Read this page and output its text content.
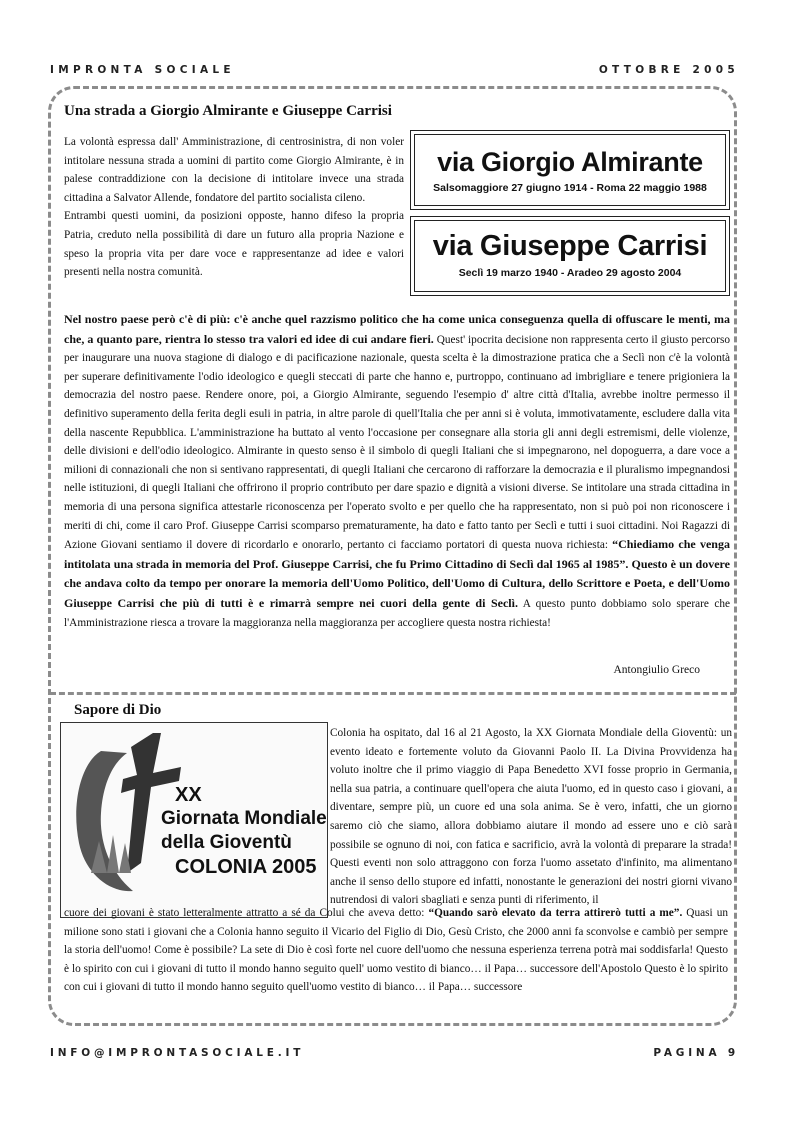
IMPRONTA SOCIALE	OTTOBRE 2005
Una strada a Giorgio Almirante e Giuseppe Carrisi

La volontà espressa dall' Amministrazione, di centrosinistra, di non voler intitolare nessuna strada a uomini di partito come Giorgio Almirante, è in palese contraddizione con la decisione di intitolare invece una strada cittadina a Salvator Allende, fondatore del partito socialista cileno.
Entrambi questi uomini, da posizioni opposte, hanno difeso la propria Patria, creduto nella possibilità di dare un futuro alla propria Nazione e speso la propria vita per dare voce e rappresentanze ad idee e valori presenti nella nostra comunità.

via Giorgio Almirante
Salsomaggiore 27 giugno 1914 - Roma 22 maggio 1988
via Giuseppe Carrisi
Seclì 19 marzo 1940 - Aradeo 29 agosto 2004

Nel nostro paese però c'è di più: c'è anche quel razzismo politico che ha come unica conseguenza quella di offuscare le menti, ma che, a quanto pare, rientra lo stesso tra valori ed idee di cui andare fieri. Quest' ipocrita decisione non rappresenta certo il giusto percorso per inaugurare una nuova stagione di dialogo e di pacificazione nazionale, questa scelta è la dimostrazione pratica che a Seclì non c'è la volontà per superare definitivamente l'odio ideologico e quegli steccati di parte che hanno e, purtroppo, continuano ad imbrigliare e tenere prigioniera la democrazia del nostro paese. Rendere onore, poi, a Giorgio Almirante, seguendo l'esempio d' altre città d'Italia, avrebbe inoltre permesso il definitivo superamento della ferita degli esuli in patria, in altre parole di quell'Italia che per anni si è voluta, immotivatamente, escludere dalla vita della nascente Repubblica. L'amministrazione ha buttato al vento l'occasione per consegnare alla storia gli anni degli estremismi, delle violenze, delle divisioni e dell'odio ideologico. Almirante in questo senso è il simbolo di quegli Italiani che si impegnarono, nel dopoguerra, a dare voce a milioni di connazionali che non si sentivano rappresentati, di quegli Italiani che cercarono di rafforzare la democrazia e il pluralismo impegnandosi nelle istituzioni, di quegli Italiani che offrirono il proprio contributo per dare spazio e dignità a visioni diverse. Se intitolare una strada cittadina in memoria di una persona significa attestarle riconoscenza per l'operato svolto e per quello che ha rappresentato, non si può poi non riconoscere i meriti di chi, come il caro Prof. Giuseppe Carrisi scomparso prematuramente, ha dato e fatto tanto per Seclì e tutti i suoi cittadini. Noi Ragazzi di Azione Giovani sentiamo il dovere di ricordarlo e onorarlo, pertanto ci facciamo portatori di questa nuova richiesta: “Chiediamo che venga intitolata una strada in memoria del Prof. Giuseppe Carrisi, che fu Primo Cittadino di Seclì dal 1965 al 1985”. Questo è un dovere che andava colto da tempo per onorare la memoria dell'Uomo Politico, dell'Uomo di Cultura, dello Scrittore e Poeta, e dell'Uomo Giuseppe Carrisi che più di tutti è e rimarrà sempre nei cuori della gente di Seclì. A questo punto dobbiamo solo sperare che l'Amministrazione riesca a trovare la maggioranza nella maggioranza per accogliere questa nostra richiesta!

Antongiulio Greco
Sapore di Dio
XX
Giornata Mondiale
della Gioventù

COLONIA 2005

Colonia ha ospitato, dal 16 al 21 Agosto, la XX Giornata Mondiale della Gioventù: un evento ideato e fortemente voluto da Giovanni Paolo II. La Divina Provvidenza ha voluto inoltre che il primo viaggio di Papa Benedetto XVI fosse proprio in Germania, nella sua patria, a continuare quell'opera che aiuta l'uomo, ed in questo caso i giovani, a diventare, sempre più, un cuore ed una sola anima. Se è vero, infatti, che un giorno saremo ciò che siamo, allora dobbiamo aiutare il mondo ad essere uno e ciò sarà possibile se ognuno di noi, con fatica e sacrificio, avrà la volontà di preparare la strada! Questi eventi non solo attraggono con forza l'uomo assetato d'infinito, ma alimentano anche il senso dello stupore ed infatti, nonostante le generazioni dei nostri giorni vivano nutrendosi di valori sbagliati e senza punti di riferimento, il

cuore dei giovani è stato letteralmente attratto a sé da Colui che aveva detto: “Quando sarò elevato da terra attirerò tutti a me”. Quasi un milione sono stati i giovani che a Colonia hanno seguito il Vicario del Figlio di Dio, Gesù Cristo, che 2000 anni fa sconvolse e cambiò per sempre la storia dell'uomo! Come è possibile? La sete di Dio è così forte nel cuore dell'uomo che nessuna esperienza terrena potrà mai soddisfarla! Questo è lo spirito con cui i giovani di tutto il mondo hanno seguito quell' uomo vestito di bianco… il Papa… successore dell'Apostolo Questo è lo spirito con cui i giovani di tutto il mondo hanno seguito quell'uomo vestito di bianco… il Papa… successore

INFO@IMPRONTASOCIALE.IT	PAGINA 9
